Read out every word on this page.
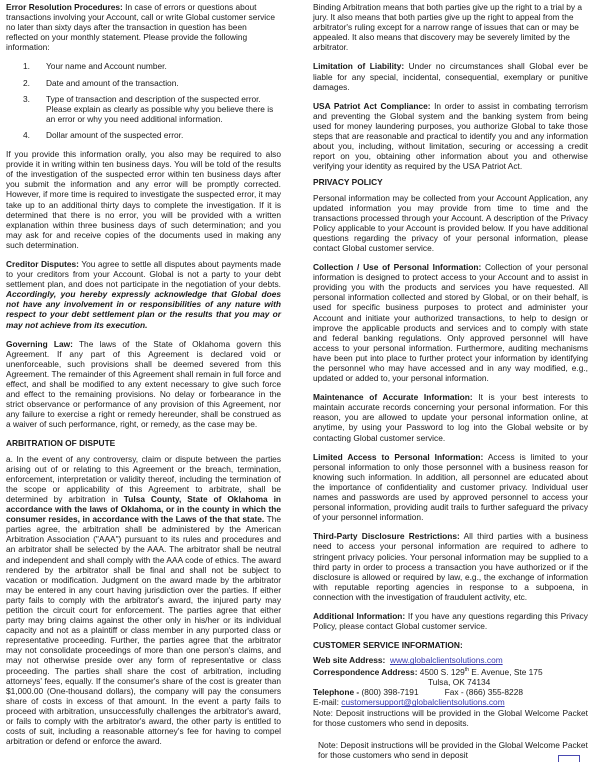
Error Resolution Procedures: In case of errors or questions about transactions involving your Account, call or write Global customer service no later than sixty days after the transaction in question has been reflected on your monthly statement. Please provide the following information:

1. Your name and Account number.
2. Date and amount of the transaction.
3. Type of transaction and description of the suspected error. Please explain as clearly as possible why you believe there is an error or why you need additional information.
4. Dollar amount of the suspected error.

If you provide this information orally, you also may be required to also provide it in writing within ten business days. You will be told of the results of the investigation of the suspected error within ten business days after you submit the information and any error will be promptly corrected. However, if more time is required to investigate the suspected error, it may take up to an additional thirty days to complete the investigation. If it is determined that there is no error, you will be provided with a written explanation within three business days of such determination; and you may ask for and receive copies of the documents used in making any such determination.

Creditor Disputes: You agree to settle all disputes about payments made to your creditors from your Account. Global is not a party to your debt settlement plan, and does not participate in the negotiation of your debts. Accordingly, you hereby expressly acknowledge that Global does not have any involvement in or responsibilities of any nature with respect to your debt settlement plan or the results that you may or may not achieve from its execution.

Governing Law: The laws of the State of Oklahoma govern this Agreement. If any part of this Agreement is declared void or unenforceable, such provisions shall be deemed severed from this Agreement. The remainder of this Agreement shall remain in full force and effect, and shall be modified to any extent necessary to give such force and effect to the remaining provisions. No delay or forbearance in the strict observance or performance of any provision of this Agreement, nor any failure to exercise a right or remedy hereunder, shall be construed as a waiver of such performance, right, or remedy, as the case may be.

ARBITRATION OF DISPUTE

a. In the event of any controversy, claim or dispute between the parties arising out of or relating to this Agreement or the breach, termination, enforcement, interpretation or validity thereof, including the termination of the scope or applicability of this Agreement to arbitrate, shall be determined by arbitration in Tulsa County, State of Oklahoma in accordance with the laws of Oklahoma, or in the county in which the consumer resides, in accordance with the Laws of the that state. The parties agree, the arbitration shall be administered by the American Arbitration Association ("AAA") pursuant to its rules and procedures and an arbitrator shall be selected by the AAA. The arbitrator shall be neutral and independent and shall comply with the AAA code of ethics. The award rendered by the arbitrator shall be final and shall not be subject to vacation or modification. Judgment on the award made by the arbitrator may be entered in any court having jurisdiction over the parties. If either party fails to comply with the arbitrator's award, the injured party may petition the circuit court for enforcement. The parties agree that either party may bring claims against the other only in his/her or its individual capacity and not as a plaintiff or class member in any purported class or representative proceeding. Further, the parties agree that the arbitrator may not consolidate proceedings of more than one person's claims, and may not otherwise preside over any form of representative or class proceeding. The parties shall share the cost of arbitration, including attorneys' fees, equally. If the consumer's share of the cost is greater than $1,000.00 (One-thousand dollars), the company will pay the consumers share of costs in excess of that amount. In the event a party fails to proceed with arbitration, unsuccessfully challenges the arbitrator's award, or fails to comply with the arbitrator's award, the other party is entitled to costs of suit, including a reasonable attorney's fee for having to compel arbitration or defend or enforce the award.

Binding Arbitration means that both parties give up the right to a trial by a jury. It also means that both parties give up the right to appeal from the arbitrator's ruling except for a narrow range of issues that can or may be appealed. It also means that discovery may be severely limited by the arbitrator.

Limitation of Liability: Under no circumstances shall Global ever be liable for any special, incidental, consequential, exemplary or punitive damages.

USA Patriot Act Compliance: In order to assist in combating terrorism and preventing the Global system and the banking system from being used for money laundering purposes, you authorize Global to take those steps that are reasonable and practical to identify you and any information about you, including, without limitation, securing or accessing a credit report on you, obtaining other information about you and otherwise verifying your identity as required by the USA Patriot Act.

PRIVACY POLICY

Personal information may be collected from your Account Application, any updated information you may provide from time to time and the transactions processed through your Account. A description of the Privacy Policy applicable to your Account is provided below. If you have additional questions regarding the privacy of your personal information, please contact Global customer service.

Collection / Use of Personal Information: Collection of your personal information is designed to protect access to your Account and to assist in providing you with the products and services you have requested. All personal information collected and stored by Global, or on their behalf, is used for specific business purposes to protect and administer your Account and initiate your authorized transactions, to help to design or improve the applicable products and services and to comply with state and federal banking regulations. Only approved personnel will have access to your personal information. Furthermore, auditing mechanisms have been put into place to further protect your information by identifying the personnel who may have accessed and in any way modified, e.g., updated or added to, your personal information.

Maintenance of Accurate Information: It is your best interests to maintain accurate records concerning your personal information. For this reason, you are allowed to update your personal information online, at anytime, by using your Password to log into the Global website or by contacting Global customer service.

Limited Access to Personal Information: Access is limited to your personal information to only those personnel with a business reason for knowing such information. In addition, all personnel are educated about the importance of confidentiality and customer privacy. Individual user names and passwords are used by approved personnel to access your personal information, providing audit trails to further safeguard the privacy of your personnel information.

Third-Party Disclosure Restrictions: All third parties with a business need to access your personal information are required to adhere to stringent privacy policies. Your personal information may be supplied to a third party in order to process a transaction you have authorized or if the disclosure is allowed or required by law, e.g., the exchange of information with reputable reporting agencies in response to a subpoena, in connection with the investigation of fraudulent activity, etc.

Additional Information: If you have any questions regarding this Privacy Policy, please contact Global customer service.

CUSTOMER SERVICE INFORMATION:

Web site Address: www.globalclientsolutions.com

Correspondence Address: 4500 S. 129th E. Avenue, Ste 175

Tulsa, OK 74134

Telephone - (800) 398-7191	Fax - (866) 355-8228

E-mail: customersupport@globalclientsolutions.com

Note: Deposit instructions will be provided in the Global Welcome Packet for those customers who send in deposits.

Note: Deposit instructions will be provided in the Global Welcome Packet for those customers who send in deposit
